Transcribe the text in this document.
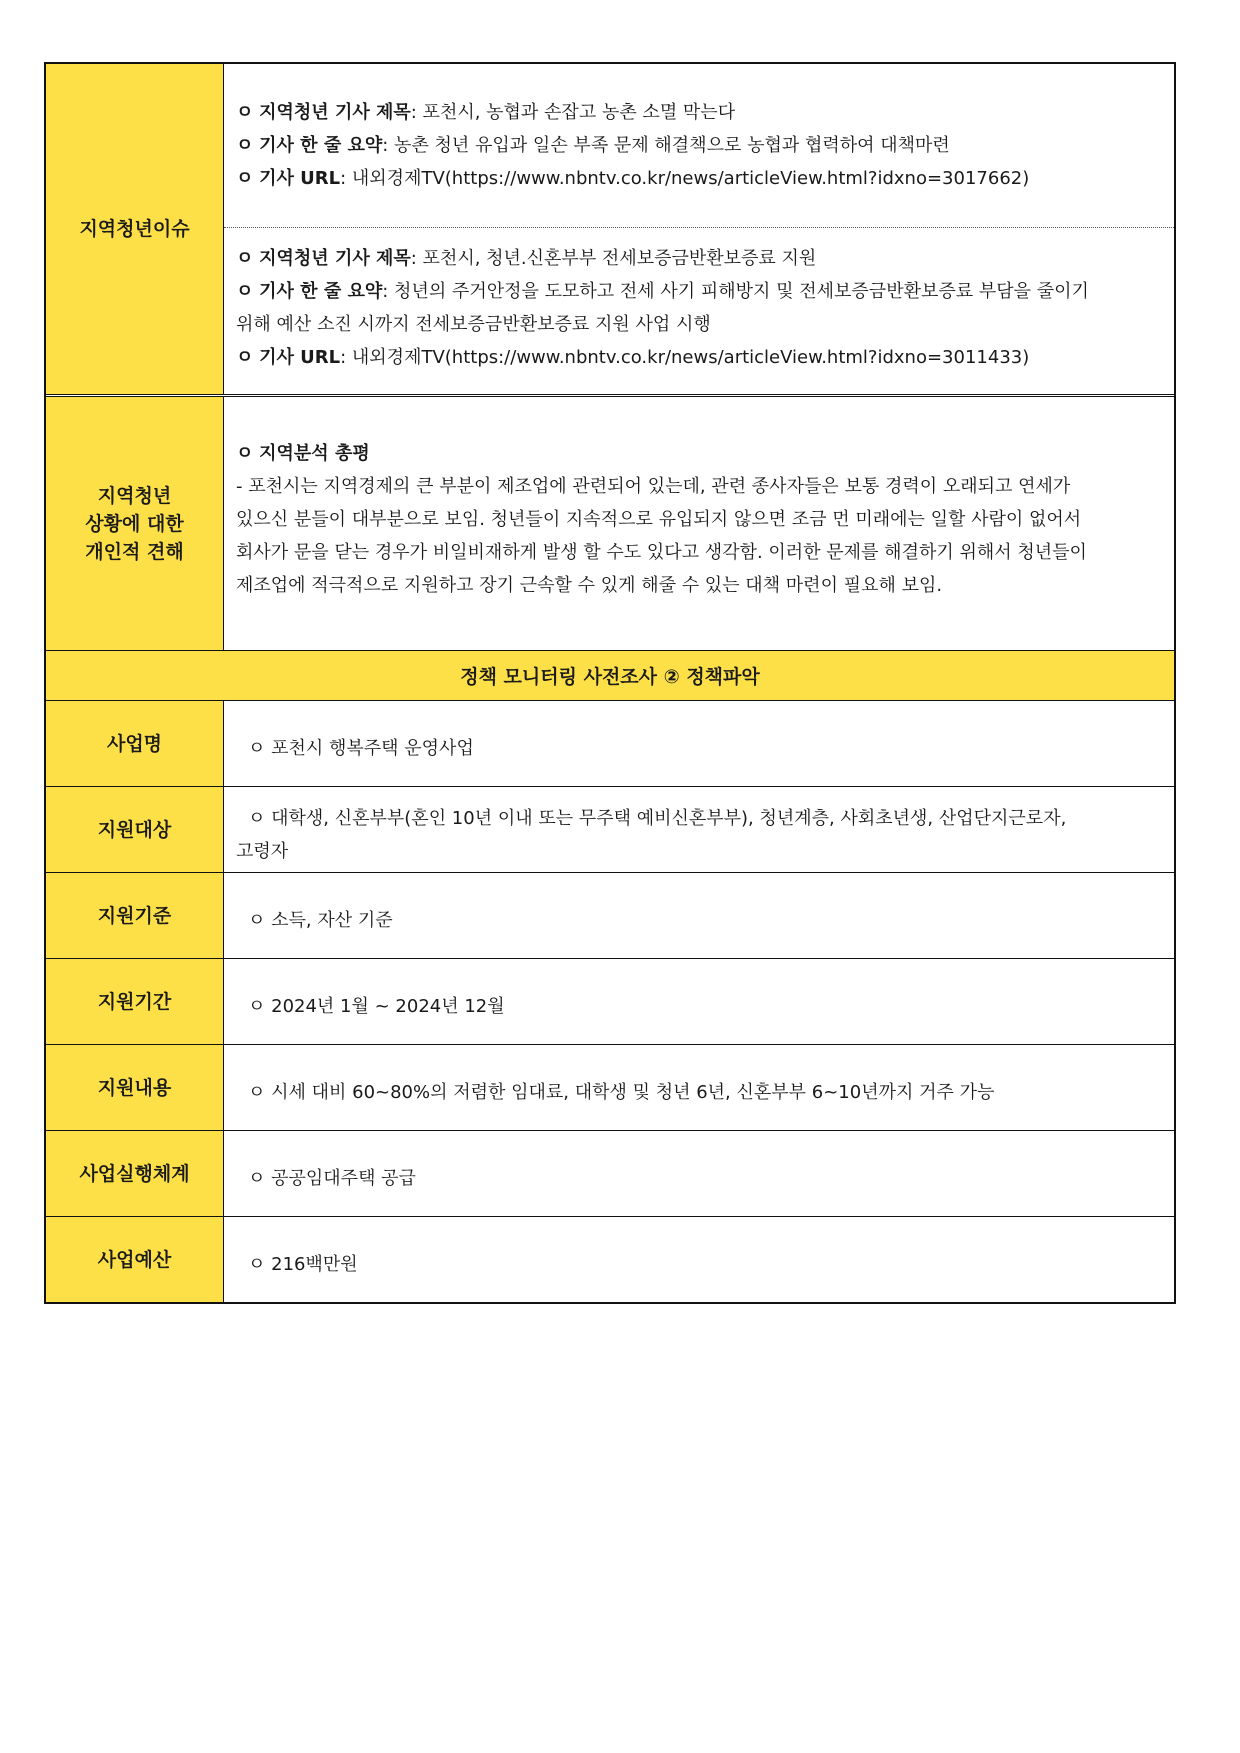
지역청년이슈
ㅇ 지역청년 기사 제목: 포천시, 농협과 손잡고 농촌 소멸 막는다
ㅇ 기사 한 줄 요약: 농촌 청년 유입과 일손 부족 문제 해결책으로 농협과 협력하여 대책마련
ㅇ 기사 URL: 내외경제TV(https://www.nbntv.co.kr/news/articleView.html?idxno=3017662)
ㅇ 지역청년 기사 제목: 포천시, 청년.신혼부부 전세보증금반환보증료 지원
ㅇ 기사 한 줄 요약: 청년의 주거안정을 도모하고 전세 사기 피해방지 및 전세보증금반환보증료 부담을 줄이기
위해 예산 소진 시까지 전세보증금반환보증료 지원 사업 시행
ㅇ 기사 URL: 내외경제TV(https://www.nbntv.co.kr/news/articleView.html?idxno=3011433)
지역청년
상황에 대한
개인적 견해
ㅇ 지역분석 총평
- 포천시는 지역경제의 큰 부분이 제조업에 관련되어 있는데, 관련 종사자들은 보통 경력이 오래되고 연세가
있으신 분들이 대부분으로 보임. 청년들이 지속적으로 유입되지 않으면 조금 먼 미래에는 일할 사람이 없어서
회사가 문을 닫는 경우가 비일비재하게 발생 할 수도 있다고 생각함. 이러한 문제를 해결하기 위해서 청년들이
제조업에 적극적으로 지원하고 장기 근속할 수 있게 해줄 수 있는 대책 마련이 필요해 보임.
정책 모니터링 사전조사 ② 정책파악
사업명	ㅇ 포천시 행복주택 운영사업
지원대상
ㅇ 대학생, 신혼부부(혼인 10년 이내 또는 무주택 예비신혼부부), 청년계층, 사회초년생, 산업단지근로자,
고령자
지원기준	ㅇ 소득, 자산 기준
지원기간	ㅇ 2024년 1월 ~ 2024년 12월
지원내용	ㅇ 시세 대비 60~80%의 저렴한 임대료, 대학생 및 청년 6년, 신혼부부 6~10년까지 거주 가능
사업실행체계	ㅇ 공공임대주택 공급
사업예산	ㅇ 216백만원
